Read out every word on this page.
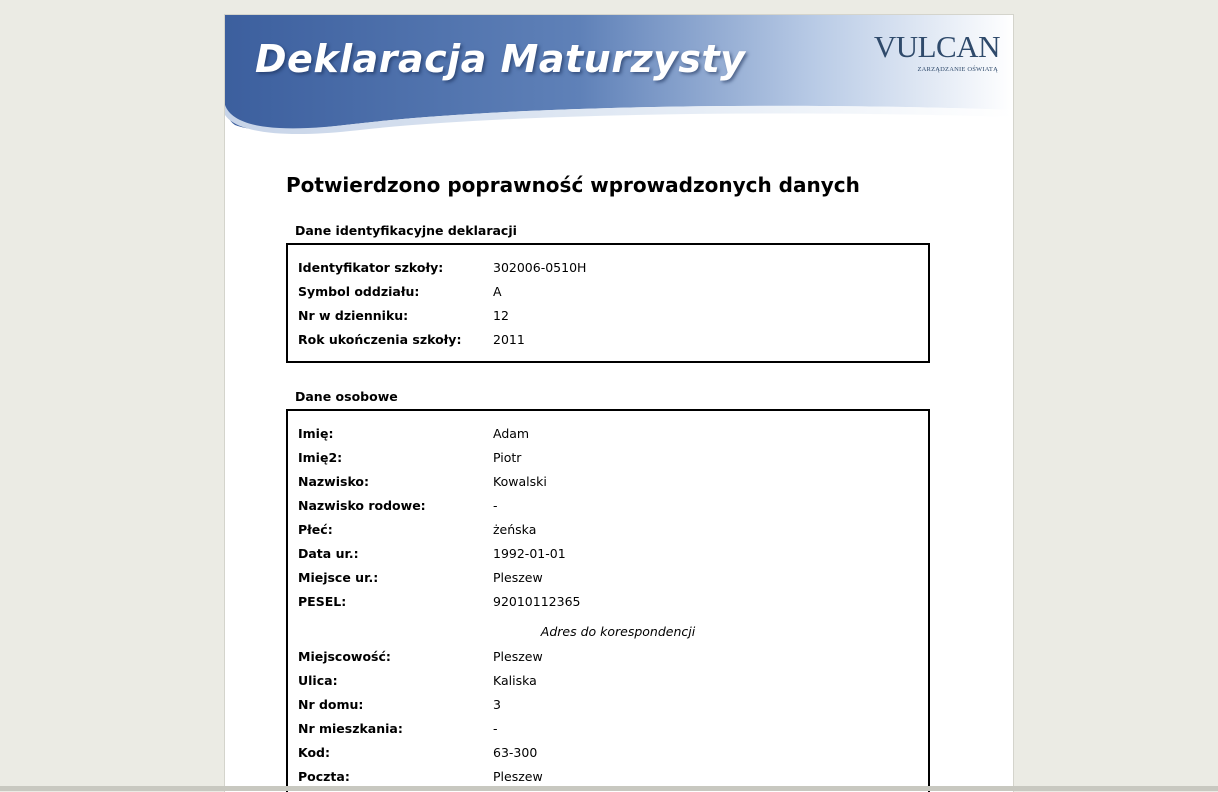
Deklaracja Maturzysty	VULCAN
ZARZĄDZANIE OŚWIATĄ
Potwierdzono poprawność wprowadzonych danych
Dane identyfikacyjne deklaracji
Identyfikator szkoły:	302006-0510H
Symbol oddziału:	A
Nr w dzienniku:	12
Rok ukończenia szkoły:	2011
Dane osobowe
Imię:	Adam
Imię2:	Piotr
Nazwisko:	Kowalski
Nazwisko rodowe:	-
Płeć:	żeńska
Data ur.:	1992-01-01
Miejsce ur.:	Pleszew
PESEL:	92010112365
Adres do korespondencji
Miejscowość:	Pleszew
Ulica:	Kaliska
Nr domu:	3
Nr mieszkania:	-
Kod:	63-300
Poczta:	Pleszew
